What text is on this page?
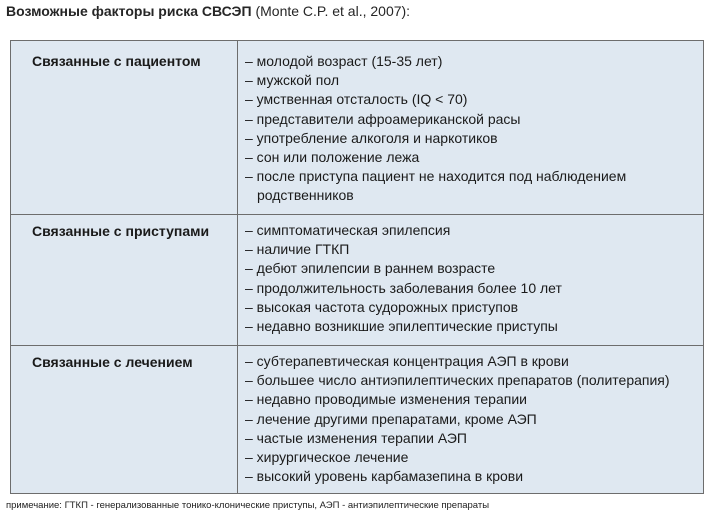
Возможные факторы риска СВСЭП (Monte C.P. et al., 2007):
Связанные с пациентом	– молодой возраст (15-35 лет)
– мужской пол
– умственная отсталость (IQ < 70)
– представители афроамериканской расы
– употребление алкоголя и наркотиков
– сон или положение лежа
– после приступа пациент не находится под наблюдением
родственников
Связанные с приступами	– симптоматическая эпилепсия
– наличие ГТКП
– дебют эпилепсии в раннем возрасте
– продолжительность заболевания более 10 лет
– высокая частота судорожных приступов
– недавно возникшие эпилептические приступы
Связанные с лечением	– субтерапевтическая концентрация АЭП в крови
– большее число антиэпилептических препаратов (политерапия)
– недавно проводимые изменения терапии
– лечение другими препаратами, кроме АЭП
– частые изменения терапии АЭП
– хирургическое лечение
– высокий уровень карбамазепина в крови
примечание: ГТКП - генерализованные тонико-клонические приступы, АЭП - антиэпилептические препараты
